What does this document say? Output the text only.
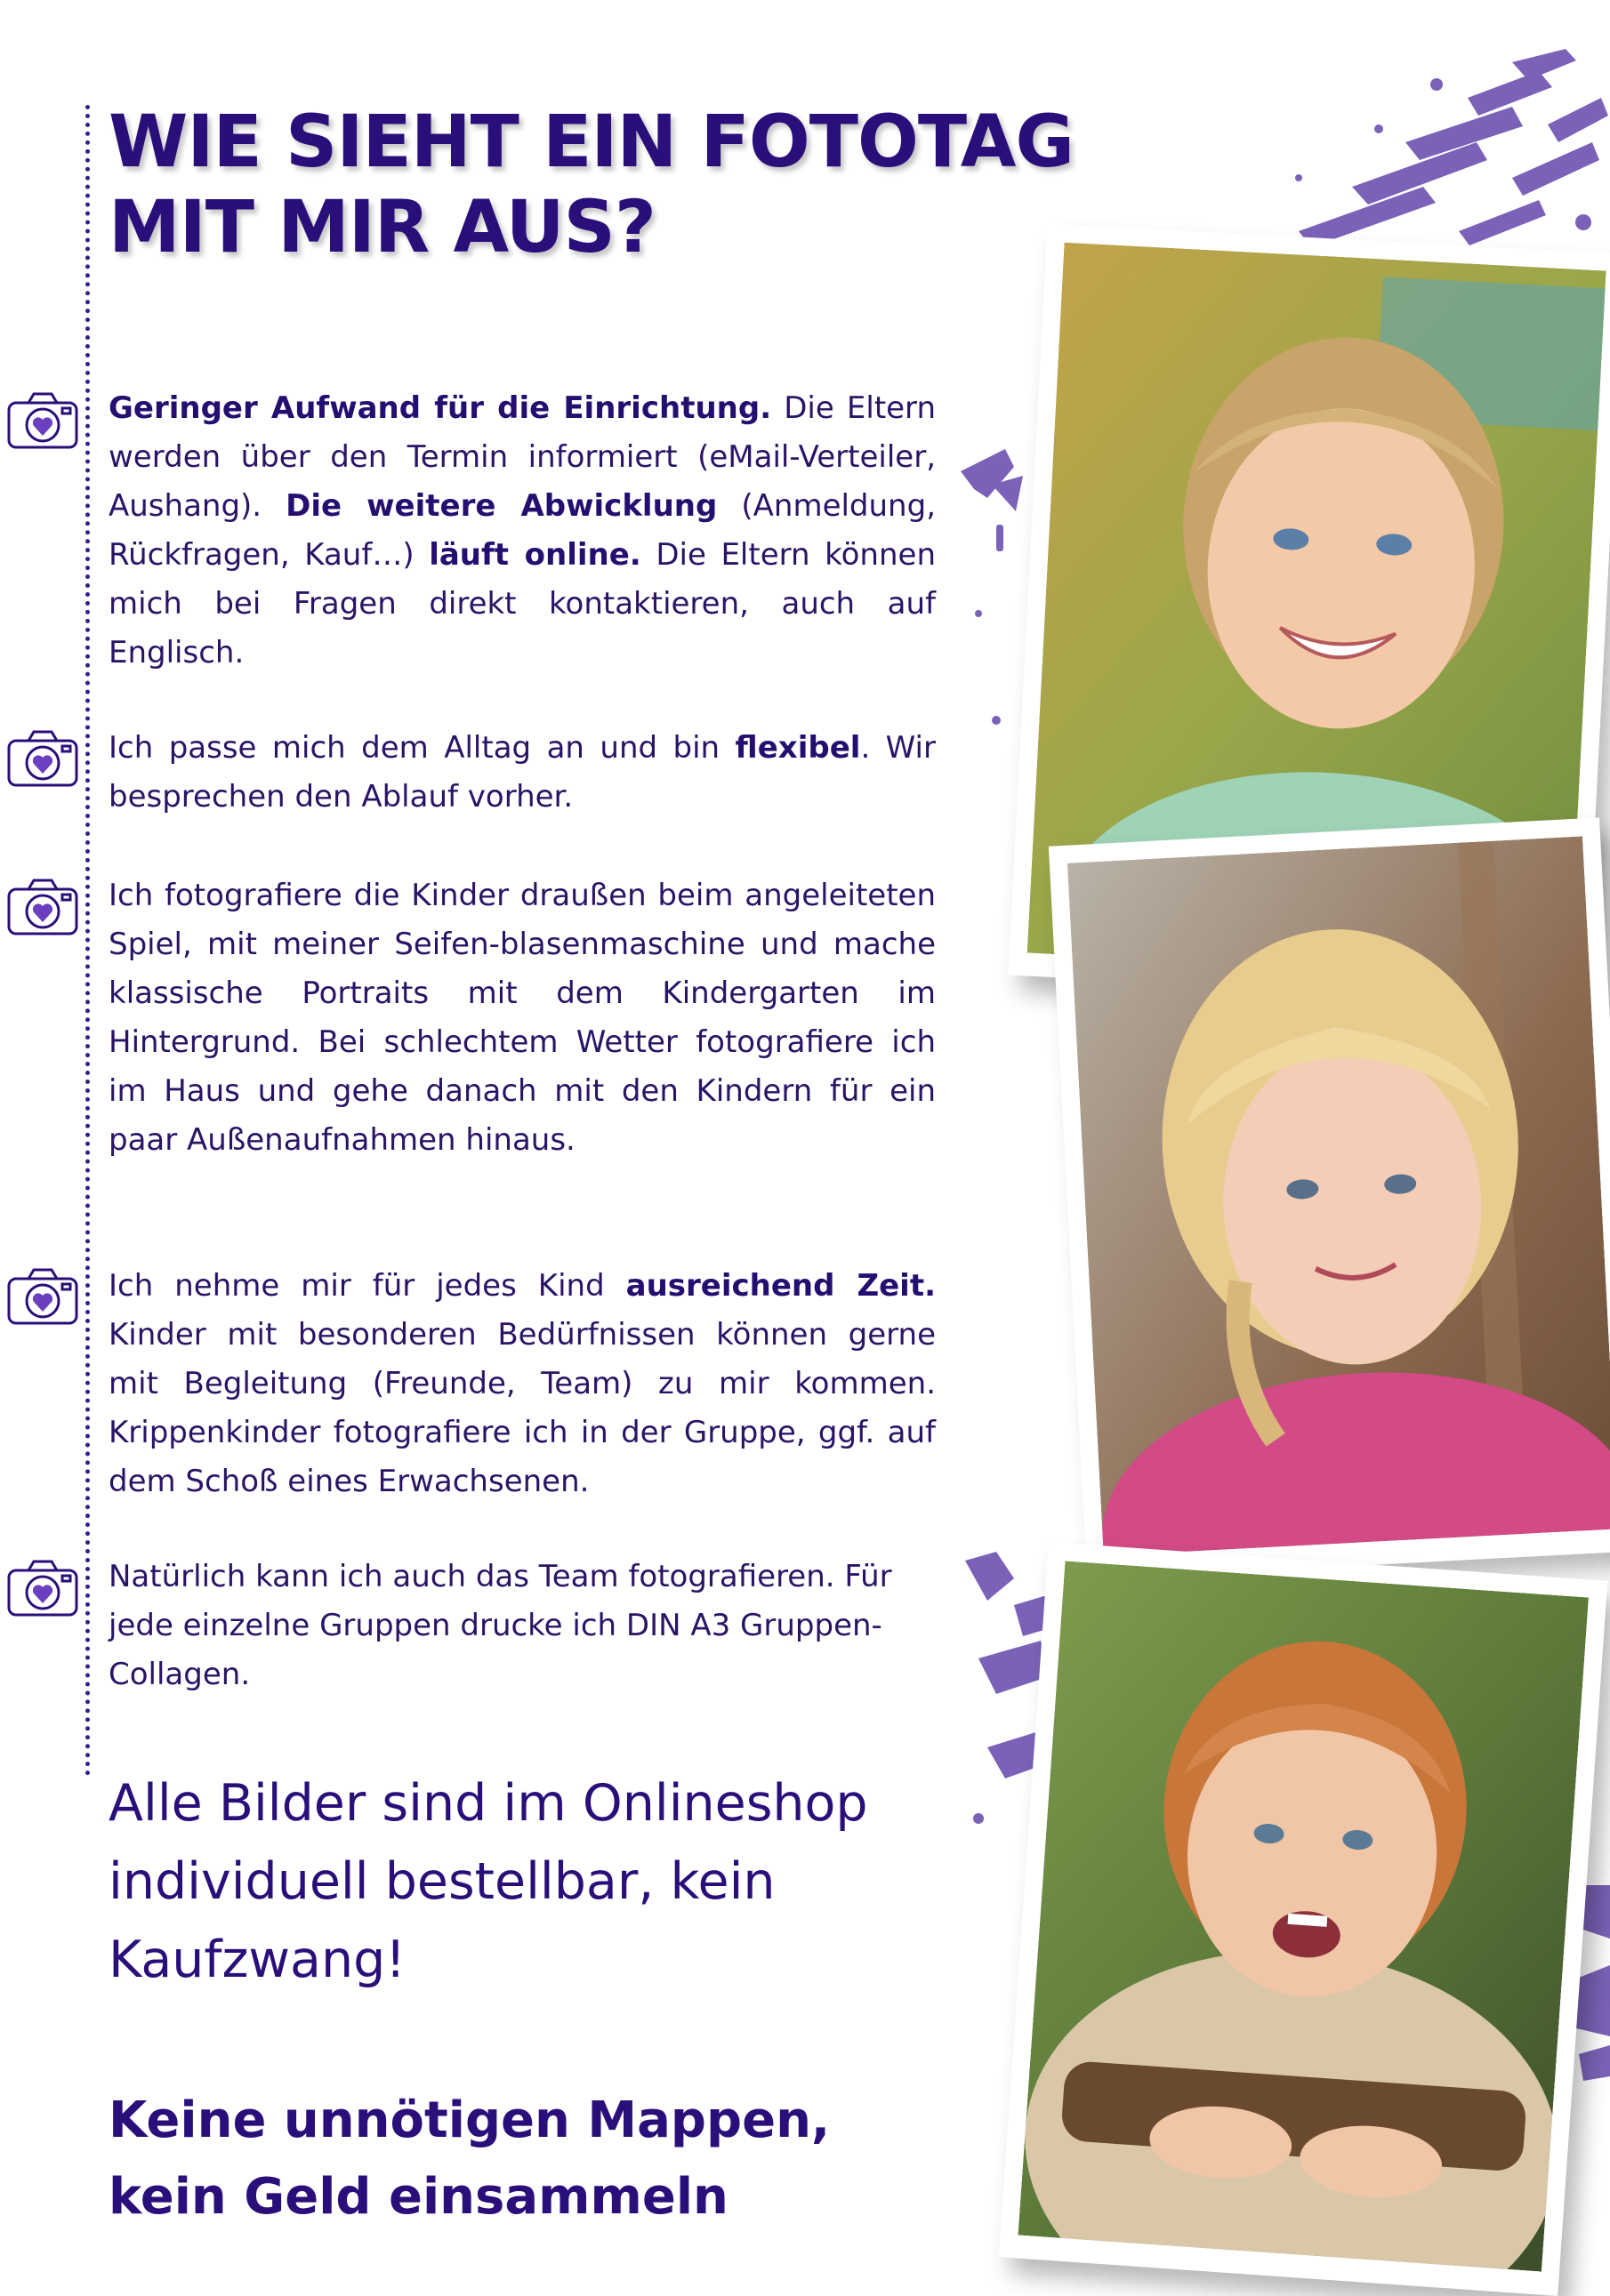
WIE SIEHT EIN FOTOTAG MIT MIR AUS?

Geringer Aufwand für die Einrichtung. Die Eltern werden über den Termin informiert (eMail-Verteiler, Aushang). Die weitere Abwicklung (Anmeldung, Rückfragen, Kauf…) läuft online. Die Eltern können mich bei Fragen direkt kontaktieren, auch auf Englisch.

Ich passe mich dem Alltag an und bin flexibel. Wir besprechen den Ablauf vorher.

Ich fotografiere die Kinder draußen beim angeleiteten Spiel, mit meiner Seifen-blasenmaschine und mache klassische Portraits mit dem Kindergarten im Hintergrund. Bei schlechtem Wetter fotografiere ich im Haus und gehe danach mit den Kindern für ein paar Außenaufnahmen hinaus.

Ich nehme mir für jedes Kind ausreichend Zeit. Kinder mit besonderen Bedürfnissen können gerne mit Begleitung (Freunde, Team) zu mir kommen. Krippenkinder fotografiere ich in der Gruppe, ggf. auf dem Schoß eines Erwachsenen.

Natürlich kann ich auch das Team fotografieren. Für jede einzelne Gruppen drucke ich DIN A3 Gruppen-Collagen.

Alle Bilder sind im Onlineshop individuell bestellbar, kein Kaufzwang!

Keine unnötigen Mappen, kein Geld einsammeln
